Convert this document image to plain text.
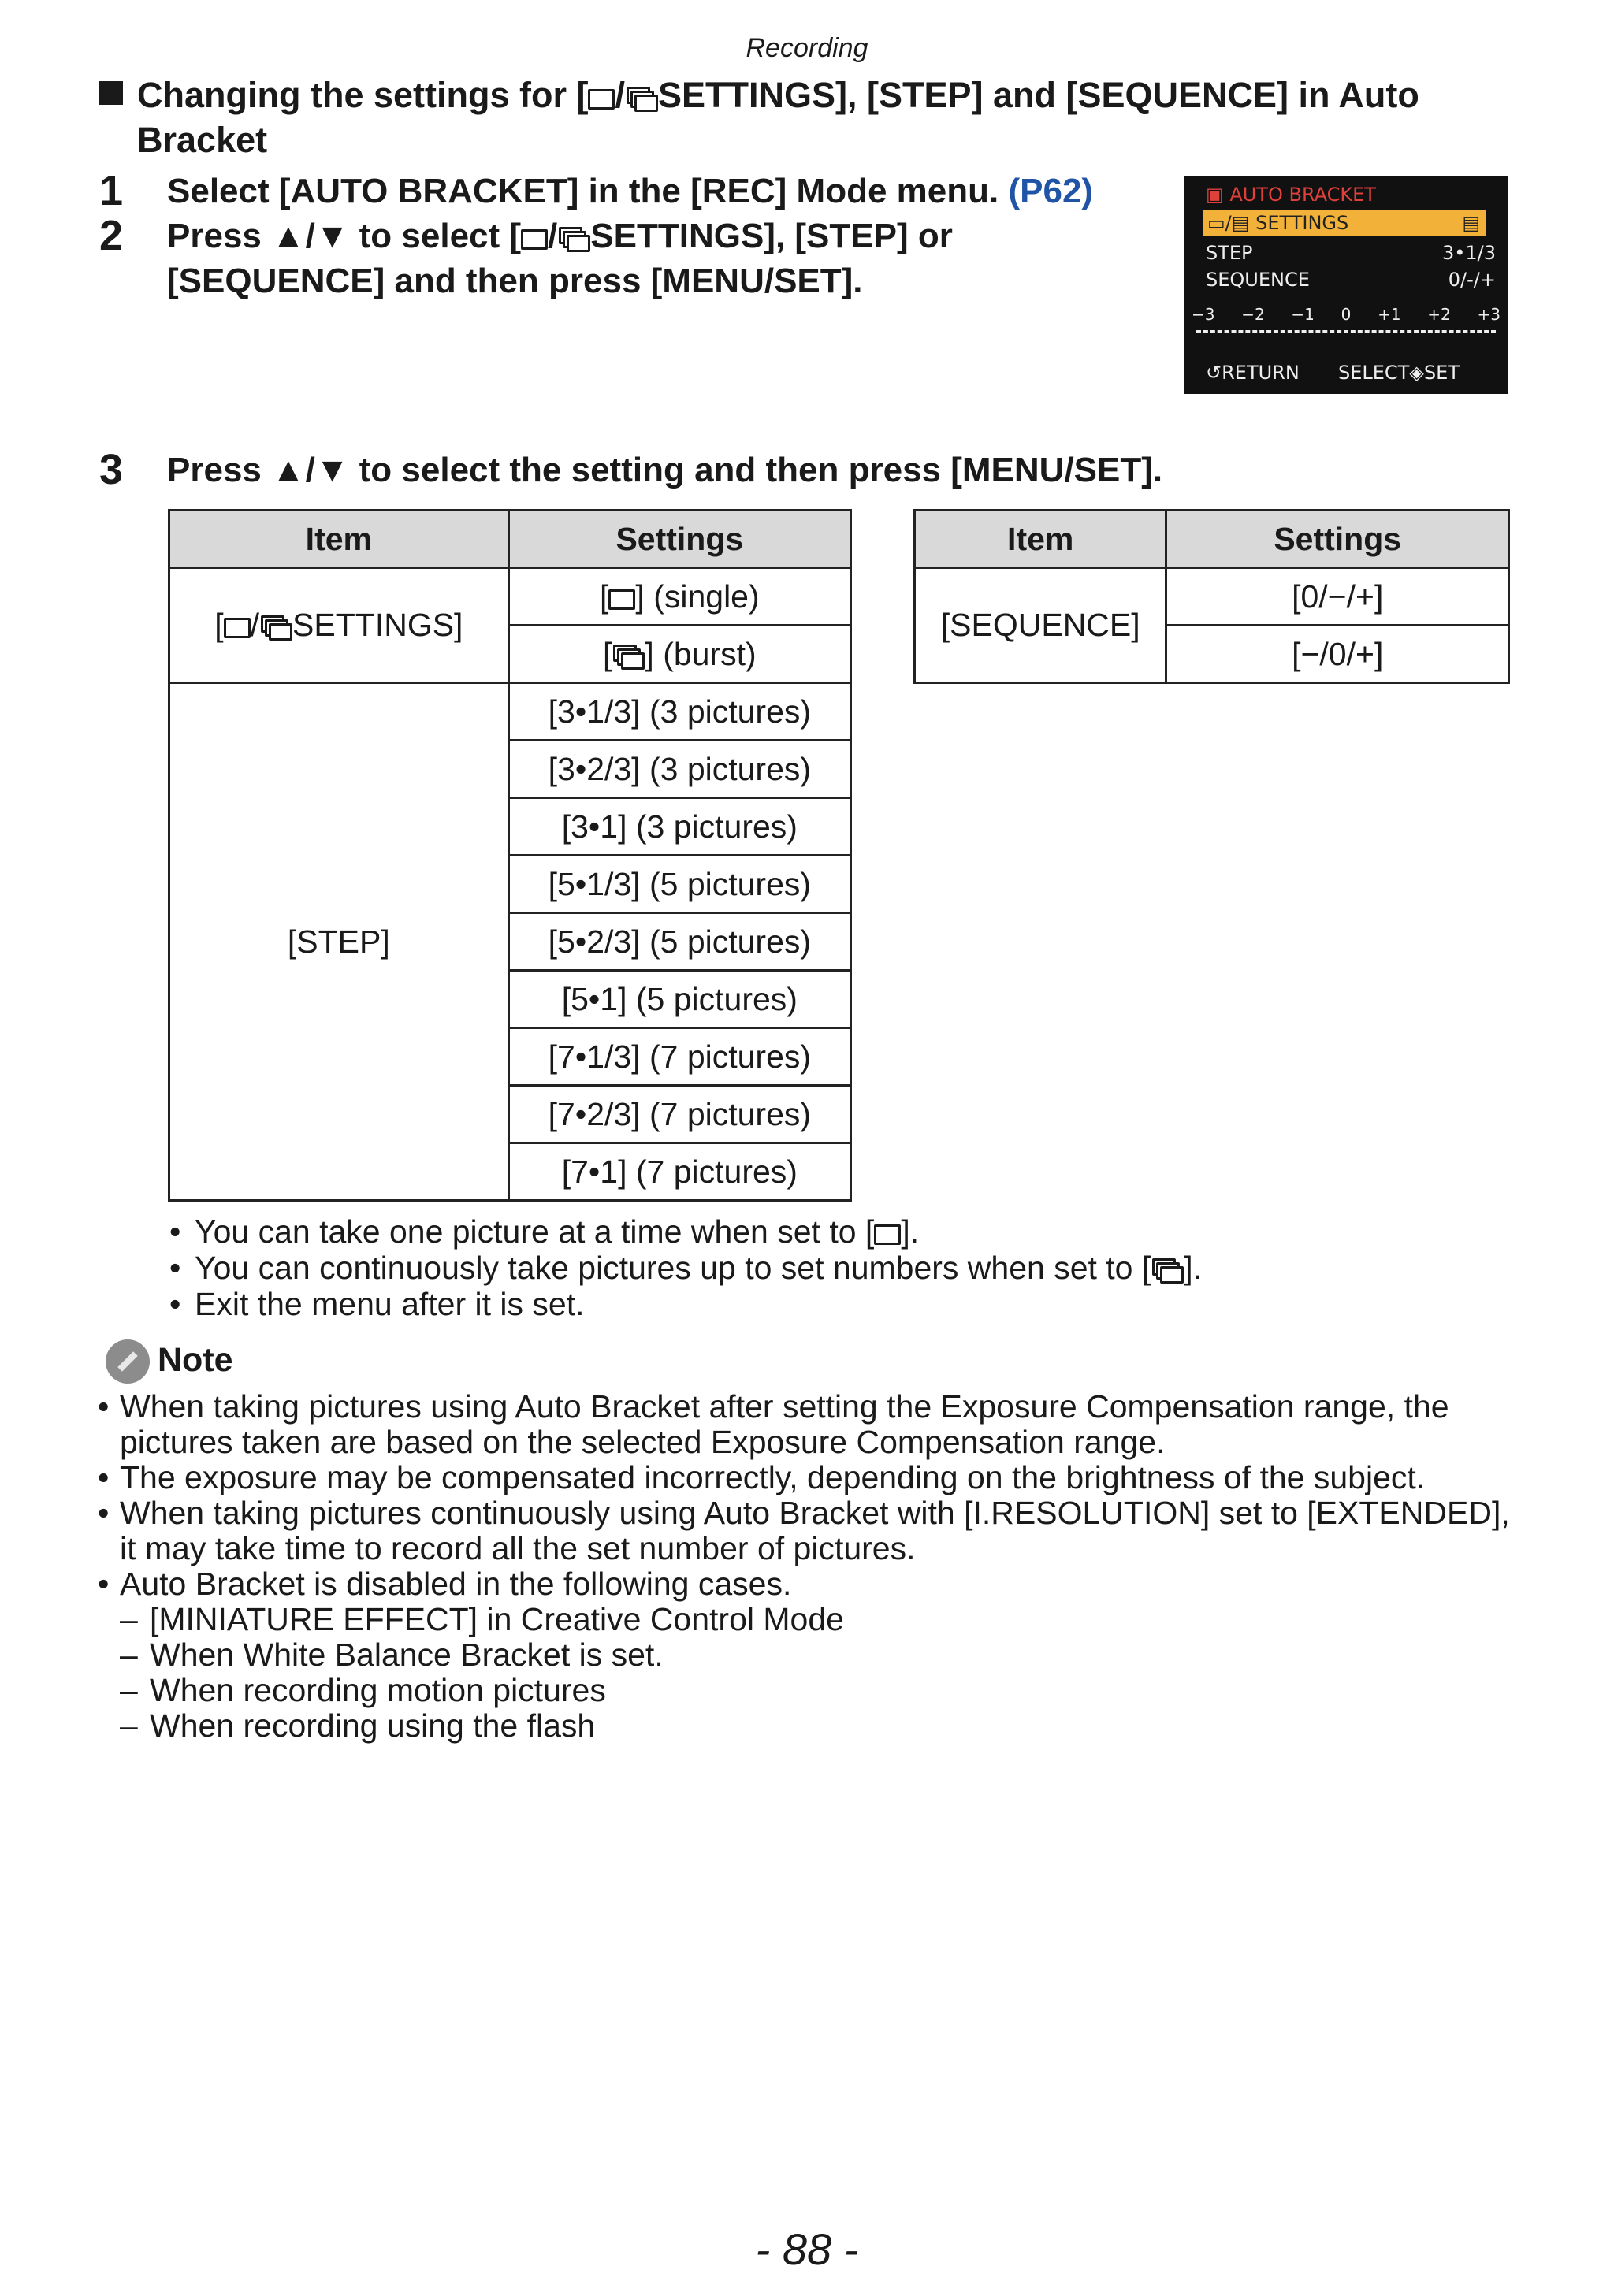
Recording
Changing the settings for [ / SETTINGS], [STEP] and [SEQUENCE] in Auto
Bracket
1 Select [AUTO BRACKET] in the [REC] Mode menu. (P62)
2 Press ▲/▼ to select [ / SETTINGS], [STEP] or
[SEQUENCE] and then press [MENU/SET].
▣ AUTO BRACKET
▭/▤ SETTINGS	▤
STEP	3•1/3
SEQUENCE	0/-/+
−3 −2 −1 0 +1 +2 +3
↺RETURN SELECT◈SET
3 Press ▲/▼ to select the setting and then press [MENU/SET].
Item	Settings
[ / SETTINGS]	[ ] (single)
	[ ] (burst)
[STEP]	[3•1/3] (3 pictures)
	[3•2/3] (3 pictures)
	[3•1] (3 pictures)
	[5•1/3] (5 pictures)
	[5•2/3] (5 pictures)
	[5•1] (5 pictures)
	[7•1/3] (7 pictures)
	[7•2/3] (7 pictures)
	[7•1] (7 pictures)
Item	Settings
[SEQUENCE]	[0/−/+]
	[−/0/+]
• You can take one picture at a time when set to [ ].
• You can continuously take pictures up to set numbers when set to [ ].
• Exit the menu after it is set.
Note
• When taking pictures using Auto Bracket after setting the Exposure Compensation range, the pictures taken are based on the selected Exposure Compensation range.
• The exposure may be compensated incorrectly, depending on the brightness of the subject.
• When taking pictures continuously using Auto Bracket with [I.RESOLUTION] set to [EXTENDED], it may take time to record all the set number of pictures.
• Auto Bracket is disabled in the following cases.
– [MINIATURE EFFECT] in Creative Control Mode
– When White Balance Bracket is set.
– When recording motion pictures
– When recording using the flash
- 88 -
